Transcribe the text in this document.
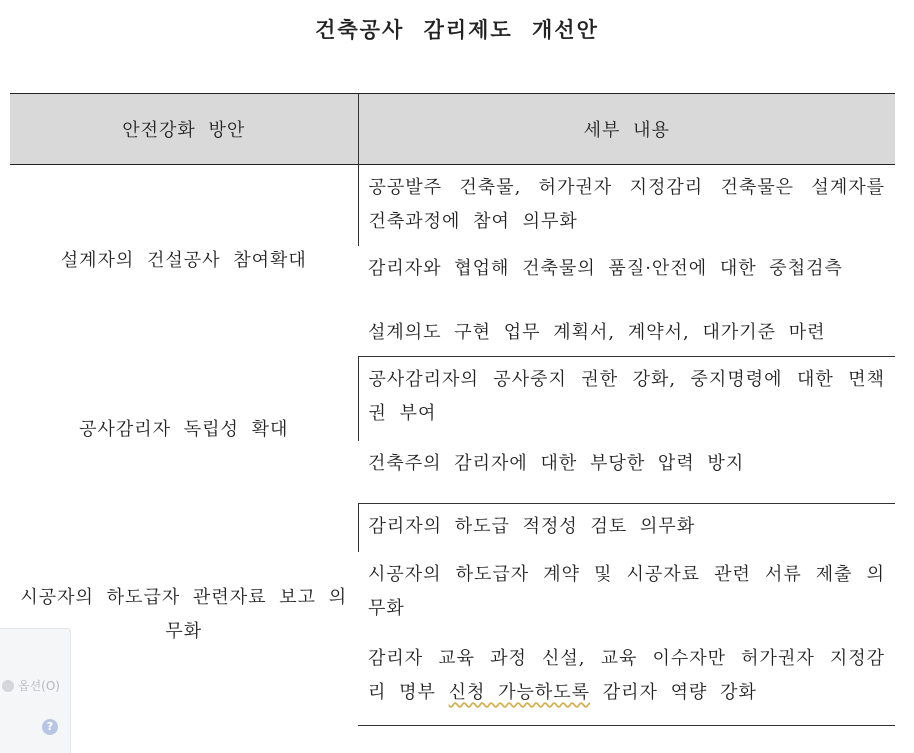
건축공사 감리제도 개선안
안전강화 방안	세부 내용
설계자의 건설공사 참여확대	공공발주 건축물, 허가권자 지정감리 건축물은 설계자를 건축과정에 참여 의무화
	감리자와 협업해 건축물의 품질·안전에 대한 중첩검측
	설계의도 구현 업무 계획서, 계약서, 대가기준 마련
공사감리자 독립성 확대	공사감리자의 공사중지 권한 강화, 중지명령에 대한 면책권 부여
	건축주의 감리자에 대한 부당한 압력 방지
시공자의 하도급자 관련자료 보고 의무화	감리자의 하도급 적정성 검토 의무화
	시공자의 하도급자 계약 및 시공자료 관련 서류 제출 의무화
	감리자 교육 과정 신설, 교육 이수자만 허가권자 지정감리 명부 신청 가능하도록 감리자 역량 강화
옵션(O)
?
